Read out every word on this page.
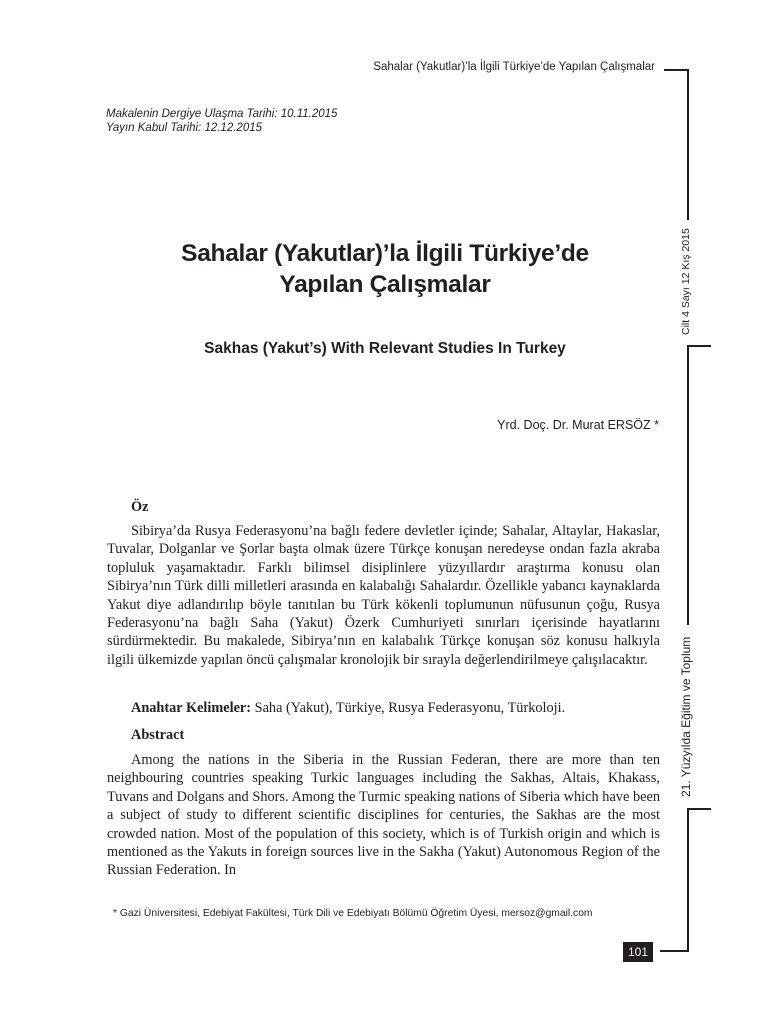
Sahalar (Yakutlar)’la İlgili Türkiye’de Yapılan Çalışmalar
Makalenin Dergiye Ulaşma Tarihi: 10.11.2015
Yayın Kabul Tarihi: 12.12.2015
Sahalar (Yakutlar)’la İlgili Türkiye’de
Yapılan Çalışmalar
Sakhas (Yakut’s) With Relevant Studies In Turkey
Yrd. Doç. Dr. Murat ERSÖZ *
Öz
Sibirya’da Rusya Federasyonu’na bağlı federe devletler içinde; Sahalar, Altaylar, Hakaslar, Tuvalar, Dolganlar ve Şorlar başta olmak üzere Türkçe konuşan neredeyse ondan fazla akraba topluluk yaşamaktadır. Farklı bilimsel disiplinlere yüzyıllardır araştırma konusu olan Sibirya’nın Türk dilli milletleri arasında en kalabalığı Sahalardır. Özellikle yabancı kaynaklarda Yakut diye adlandırılıp böyle tanıtılan bu Türk kökenli toplumunun nüfusunun çoğu, Rusya Federasyonu’na bağlı Saha (Yakut) Özerk Cumhuriyeti sınırları içerisinde hayatlarını sürdürmektedir. Bu makalede, Sibirya’nın en kalabalık Türkçe konuşan söz konusu halkıyla ilgili ülkemizde yapılan öncü çalışmalar kronolojik bir sırayla değerlendirilmeye çalışılacaktır.
Anahtar Kelimeler: Saha (Yakut), Türkiye, Rusya Federasyonu, Türkoloji.
Abstract
Among the nations in the Siberia in the Russian Federan, there are more than ten neighbouring countries speaking Turkic languages including the Sakhas, Altais, Khakass, Tuvans and Dolgans and Shors. Among the Turmic speaking nations of Siberia which have been a subject of study to different scientific disciplines for centuries, the Sakhas are the most crowded nation. Most of the population of this society, which is of Turkish origin and which is mentioned as the Yakuts in foreign sources live in the Sakha (Yakut) Autonomous Region of the Russian Federation. In
* Gazi Üniversitesi, Edebiyat Fakültesi, Türk Dili ve Edebiyatı Bölümü Öğretim Üyesi, mersoz@gmail.com
101
Cilt 4 Sayı 12 Kış 2015
21. Yüzyılda Eğitim ve Toplum
